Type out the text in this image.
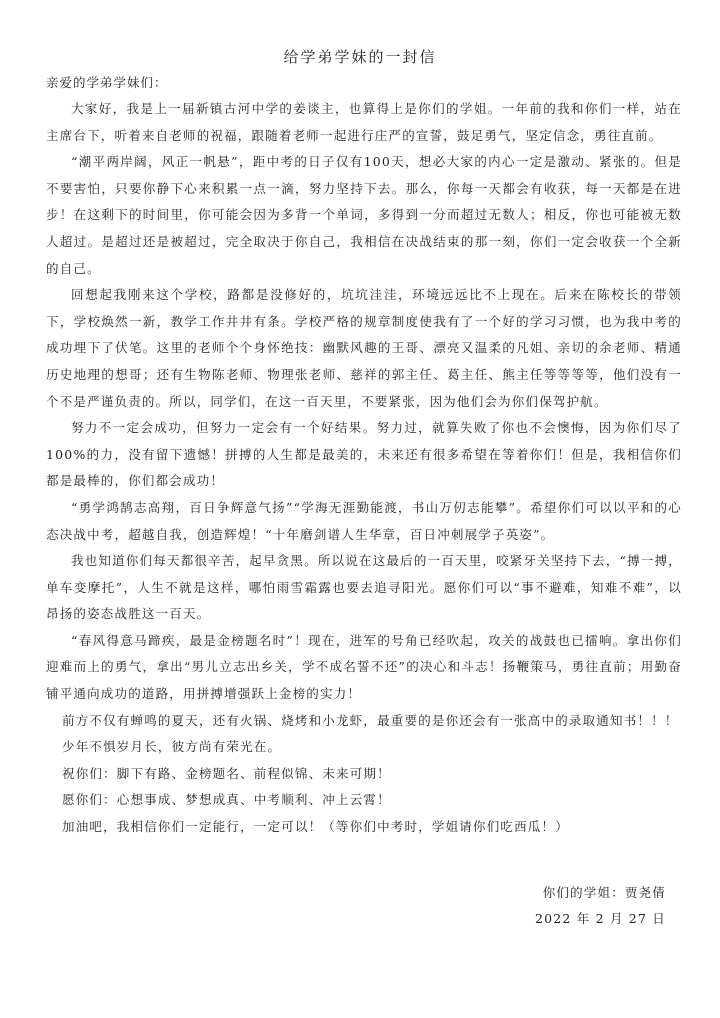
给学弟学妹的一封信
亲爱的学弟学妹们：

大家好，我是上一届新镇古河中学的姜谈主，也算得上是你们的学姐。一年前的我和你们一样，站在主席台下，听着来自老师的祝福，跟随着老师一起进行庄严的宣誓，鼓足勇气，坚定信念，勇往直前。

“潮平两岸阔，风正一帆悬”，距中考的日子仅有100天，想必大家的内心一定是激动、紧张的。但是不要害怕，只要你静下心来积累一点一滴，努力坚持下去。那么，你每一天都会有收获，每一天都是在进步！在这剩下的时间里，你可能会因为多背一个单词，多得到一分而超过无数人；相反，你也可能被无数人超过。是超过还是被超过，完全取决于你自己，我相信在决战结束的那一刻，你们一定会收获一个全新的自己。

回想起我刚来这个学校，路都是没修好的，坑坑洼洼，环境远远比不上现在。后来在陈校长的带领下，学校焕然一新，教学工作井井有条。学校严格的规章制度使我有了一个好的学习习惯，也为我中考的成功埋下了伏笔。这里的老师个个身怀绝技：幽默风趣的王哥、漂亮又温柔的凡姐、亲切的余老师、精通历史地理的想哥；还有生物陈老师、物理张老师、慈祥的郭主任、葛主任、熊主任等等等等，他们没有一个不是严谨负责的。所以，同学们，在这一百天里，不要紧张，因为他们会为你们保驾护航。

努力不一定会成功，但努力一定会有一个好结果。努力过，就算失败了你也不会懊悔，因为你们尽了100%的力，没有留下遗憾！拼搏的人生都是最美的，未来还有很多希望在等着你们！但是，我相信你们都是最棒的，你们都会成功！

“勇学鸿鹄志高翔，百日争辉意气扬”“学海无涯勤能渡，书山万仞志能攀”。希望你们可以以平和的心态决战中考，超越自我，创造辉煌！“十年磨剑谱人生华章，百日冲刺展学子英姿”。

我也知道你们每天都很辛苦，起早贪黑。所以说在这最后的一百天里，咬紧牙关坚持下去，“搏一搏，单车变摩托”，人生不就是这样，哪怕雨雪霜露也要去追寻阳光。愿你们可以“事不避难，知难不难”，以昂扬的姿态战胜这一百天。

“春风得意马蹄疾，最是金榜题名时”！现在，进军的号角已经吹起，攻关的战鼓也已擂响。拿出你们迎难而上的勇气，拿出“男儿立志出乡关，学不成名誓不还”的决心和斗志！扬鞭策马，勇往直前；用勤奋铺平通向成功的道路，用拼搏增强跃上金榜的实力！

前方不仅有蝉鸣的夏天，还有火锅、烧烤和小龙虾，最重要的是你还会有一张高中的录取通知书！！！

少年不惧岁月长，彼方尚有荣光在。

祝你们：脚下有路、金榜题名、前程似锦、未来可期！

愿你们：心想事成、梦想成真、中考顺利、冲上云霄！

加油吧，我相信你们一定能行，一定可以！（等你们中考时，学姐请你们吃西瓜！）

你们的学姐：贾尧倩
2022 年 2 月 27 日
